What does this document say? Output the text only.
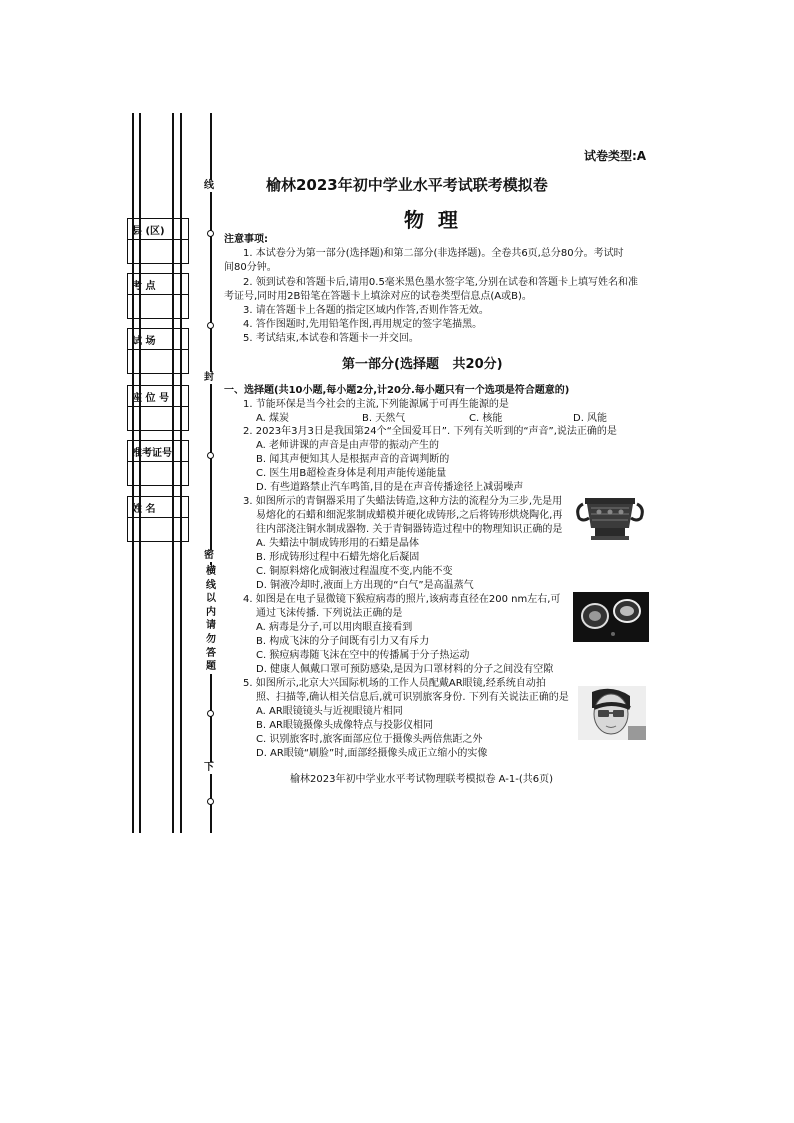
县 (区)
考 点
试 场
座 位 号
准考证号
姓 名
线
封
密
横线以内请勿答题
下
试卷类型:A
榆林2023年初中学业水平考试联考模拟卷
物  理
注意事项:
1. 本试卷分为第一部分(选择题)和第二部分(非选择题)。全卷共6页,总分80分。考试时
间80分钟。
2. 领到试卷和答题卡后,请用0.5毫米黑色墨水签字笔,分别在试卷和答题卡上填写姓名和准
考证号,同时用2B铅笔在答题卡上填涂对应的试卷类型信息点(A或B)。
3. 请在答题卡上各题的指定区域内作答,否则作答无效。
4. 答作图题时,先用铅笔作图,再用规定的签字笔描黑。
5. 考试结束,本试卷和答题卡一并交回。
第一部分(选择题   共20分)
一、选择题(共10小题,每小题2分,计20分.每小题只有一个选项是符合题意的)
1. 节能环保是当今社会的主流,下列能源属于可再生能源的是
A. 煤炭	B. 天然气	C. 核能	D. 风能
2. 2023年3月3日是我国第24个“全国爱耳日”. 下列有关听到的“声音”,说法正确的是
A. 老师讲课的声音是由声带的振动产生的
B. 闻其声便知其人是根据声音的音调判断的
C. 医生用B超检查身体是利用声能传递能量
D. 有些道路禁止汽车鸣笛,目的是在声音传播途径上减弱噪声
3. 如图所示的青铜器采用了失蜡法铸造,这种方法的流程分为三步,先是用
易熔化的石蜡和细泥浆制成蜡模并硬化成铸形,之后将铸形烘烧陶化,再
往内部浇注铜水制成器物. 关于青铜器铸造过程中的物理知识正确的是
A. 失蜡法中制成铸形用的石蜡是晶体
B. 形成铸形过程中石蜡先熔化后凝固
C. 铜原料熔化成铜液过程温度不变,内能不变
D. 铜液冷却时,液面上方出现的“白气”是高温蒸气
4. 如图是在电子显微镜下猴痘病毒的照片,该病毒直径在200 nm左右,可
通过飞沫传播. 下列说法正确的是
A. 病毒是分子,可以用肉眼直接看到
B. 构成飞沫的分子间既有引力又有斥力
C. 猴痘病毒随飞沫在空中的传播属于分子热运动
D. 健康人佩戴口罩可预防感染,是因为口罩材料的分子之间没有空隙
5. 如图所示,北京大兴国际机场的工作人员配戴AR眼镜,经系统自动拍
照、扫描等,确认相关信息后,就可识别旅客身份. 下列有关说法正确的是
A. AR眼镜镜头与近视眼镜片相同
B. AR眼镜摄像头成像特点与投影仪相同
C. 识别旅客时,旅客面部应位于摄像头两倍焦距之外
D. AR眼镜“刷脸”时,面部经摄像头成正立缩小的实像
榆林2023年初中学业水平考试物理联考模拟卷 A-1-(共6页)
